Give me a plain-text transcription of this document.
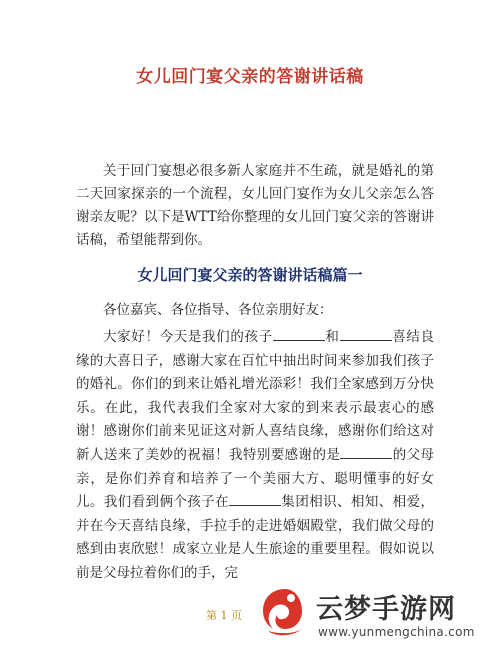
女儿回门宴父亲的答谢讲话稿

关于回门宴想必很多新人家庭并不生疏，就是婚礼的第二天回家探亲的一个流程，女儿回门宴作为女儿父亲怎么答谢亲友呢？以下是WTT给你整理的女儿回门宴父亲的答谢讲话稿，希望能帮到你。

女儿回门宴父亲的答谢讲话稿篇一

各位嘉宾、各位指导、各位亲朋好友：

大家好！今天是我们的孩子	和	喜结良缘的大喜日子，感谢大家在百忙中抽出时间来参加我们孩子的婚礼。你们的到来让婚礼增光添彩！我们全家感到万分快乐。在此，我代表我们全家对大家的到来表示最衷心的感谢！感谢你们前来见证这对新人喜结良缘，感谢你们给这对新人送来了美妙的祝福！我特别要感谢的是	的父母亲，是你们养育和培养了一个美丽大方、聪明懂事的好女儿。我们看到俩个孩子在	集团相识、相知、相爱，并在今天喜结良缘，手拉手的走进婚姻殿堂，我们做父母的感到由衷欣慰！成家立业是人生旅途的重要里程。假如说以前是父母拉着你们的手，完

第 1 页	云梦手游网
www.yunmengchina.com
